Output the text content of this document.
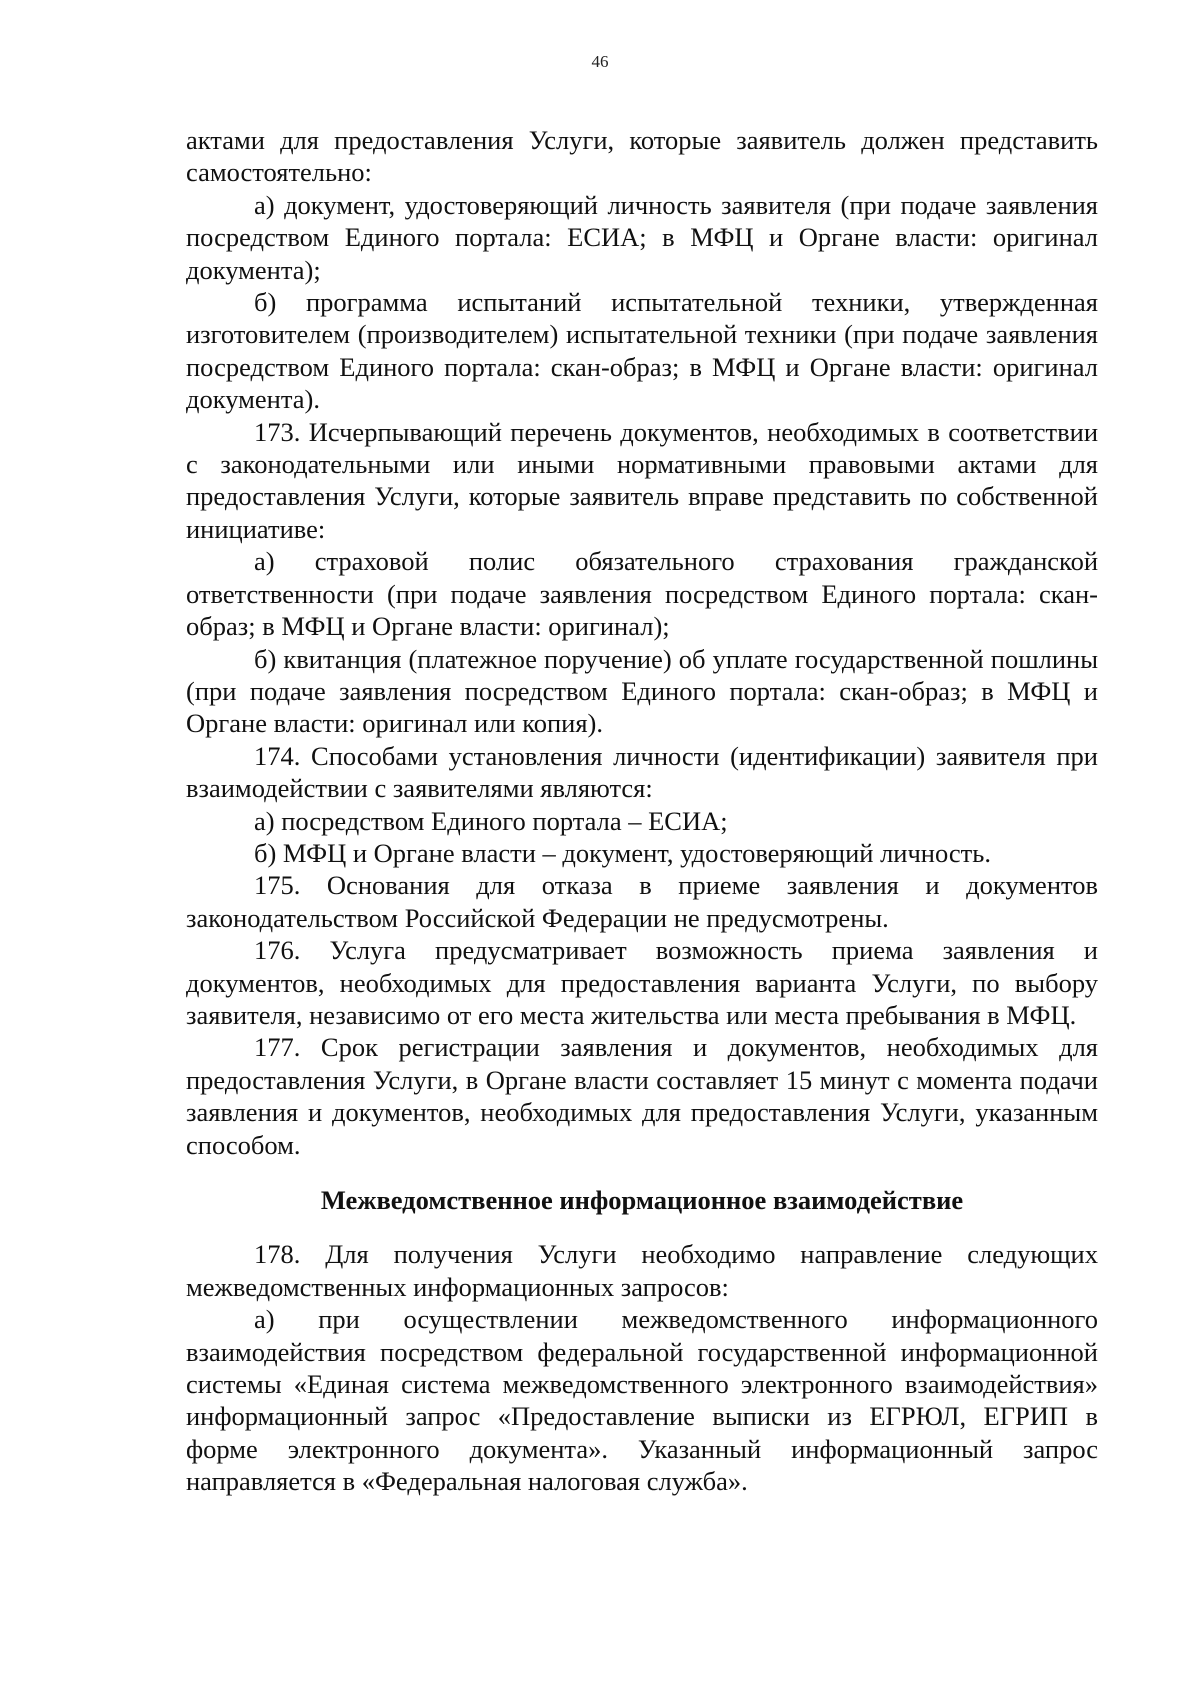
46

актами для предоставления Услуги, которые заявитель должен представить самостоятельно:

а) документ, удостоверяющий личность заявителя (при подаче заявления посредством Единого портала: ЕСИА; в МФЦ и Органе власти: оригинал документа);

б) программа испытаний испытательной техники, утвержденная изготовителем (производителем) испытательной техники (при подаче заявления посредством Единого портала: скан-образ; в МФЦ и Органе власти: оригинал документа).

173. Исчерпывающий перечень документов, необходимых в соответствии с законодательными или иными нормативными правовыми актами для предоставления Услуги, которые заявитель вправе представить по собственной инициативе:

а) страховой полис обязательного страхования гражданской ответственности (при подаче заявления посредством Единого портала: скан-образ; в МФЦ и Органе власти: оригинал);

б) квитанция (платежное поручение) об уплате государственной пошлины (при подаче заявления посредством Единого портала: скан-образ; в МФЦ и Органе власти: оригинал или копия).

174. Способами установления личности (идентификации) заявителя при взаимодействии с заявителями являются:

а) посредством Единого портала – ЕСИА;

б) МФЦ и Органе власти – документ, удостоверяющий личность.

175. Основания для отказа в приеме заявления и документов законодательством Российской Федерации не предусмотрены.

176. Услуга предусматривает возможность приема заявления и документов, необходимых для предоставления варианта Услуги, по выбору заявителя, независимо от его места жительства или места пребывания в МФЦ.

177. Срок регистрации заявления и документов, необходимых для предоставления Услуги, в Органе власти составляет 15 минут с момента подачи заявления и документов, необходимых для предоставления Услуги, указанным способом.

Межведомственное информационное взаимодействие

178. Для получения Услуги необходимо направление следующих межведомственных информационных запросов:

а) при осуществлении межведомственного информационного взаимодействия посредством федеральной государственной информационной системы «Единая система межведомственного электронного взаимодействия» информационный запрос «Предоставление выписки из ЕГРЮЛ, ЕГРИП в форме электронного документа». Указанный информационный запрос направляется в «Федеральная налоговая служба».
